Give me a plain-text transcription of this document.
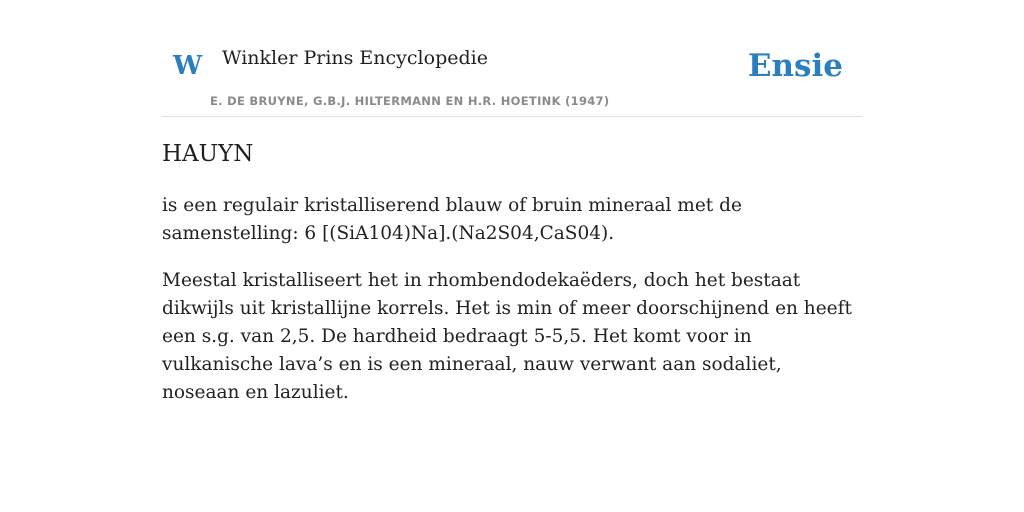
W Winkler Prins Encyclopedie
E. DE BRUYNE, G.B.J. HILTERMANN EN H.R. HOETINK (1947)
Ensie
HAUYN

is een regulair kristalliserend blauw of bruin mineraal met de samenstelling: 6 [(SiA104)Na].(Na2S04,CaS04).

Meestal kristalliseert het in rhombendodekaëders, doch het bestaat dikwijls uit kristallijne korrels. Het is min of meer doorschijnend en heeft een s.g. van 2,5. De hardheid bedraagt 5-5,5. Het komt voor in vulkanische lava’s en is een mineraal, nauw verwant aan sodaliet, noseaan en lazuliet.
